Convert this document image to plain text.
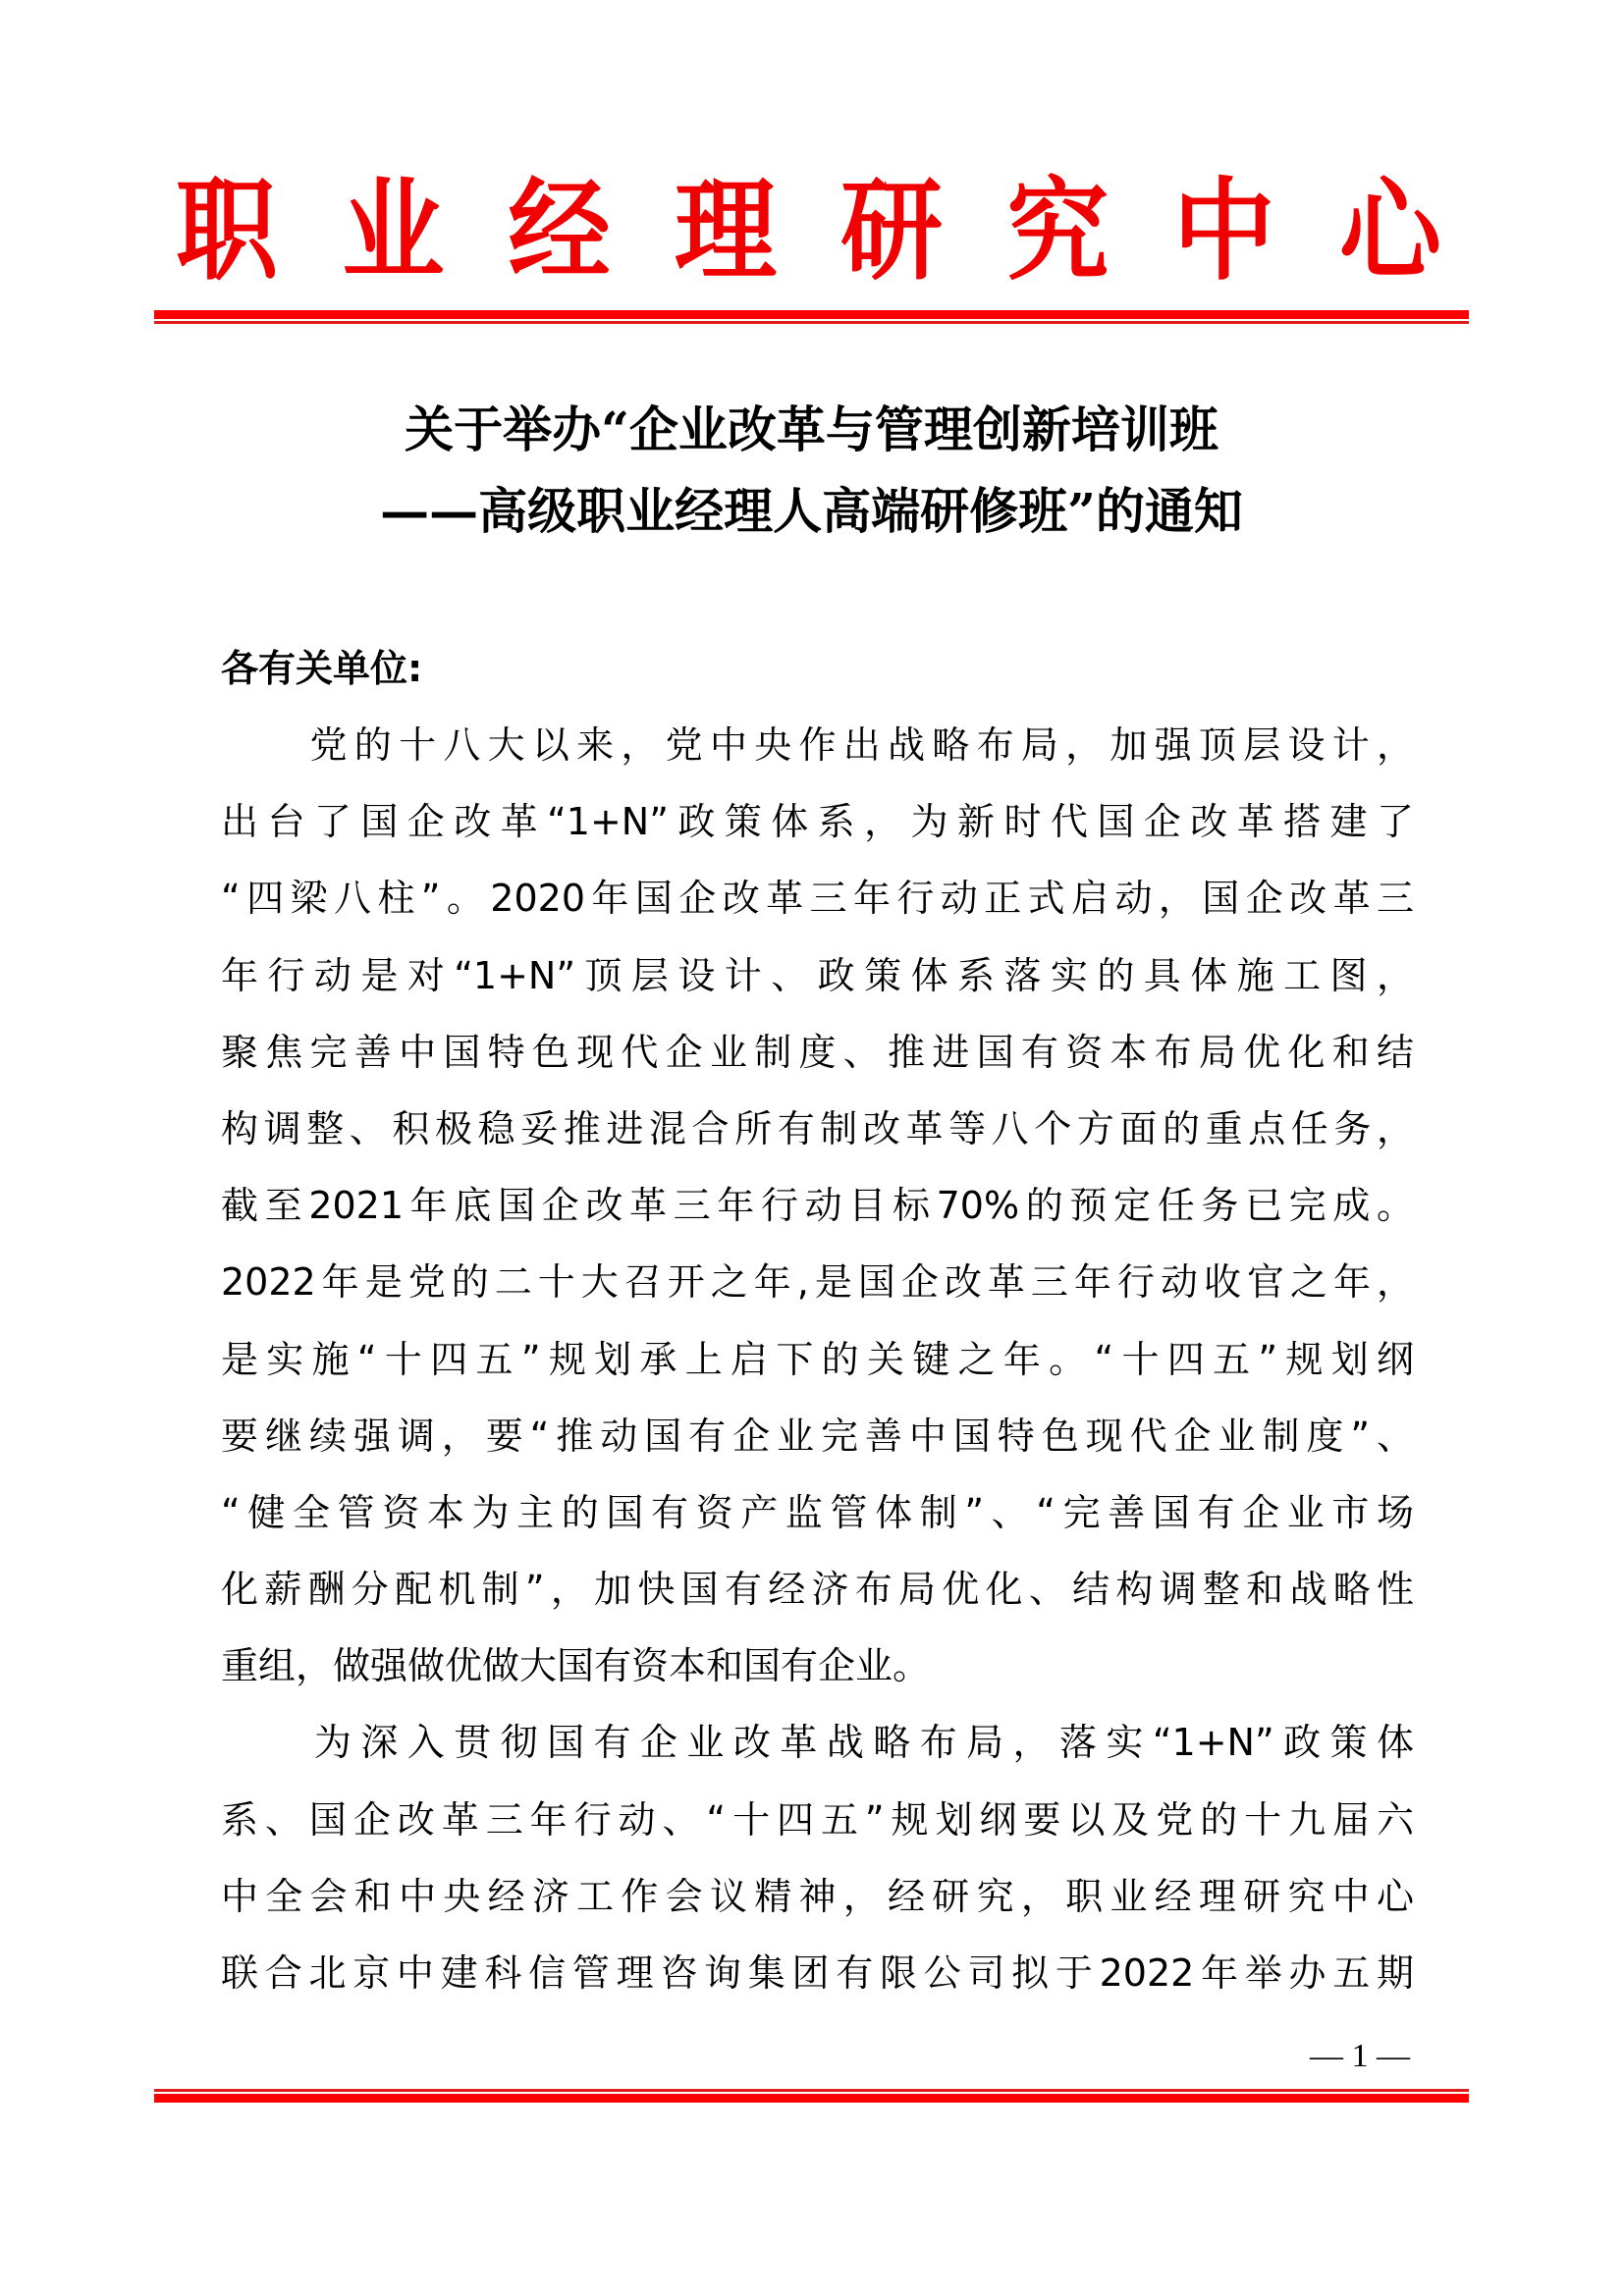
职 业 经 理 研 究 中 心
关于举办“企业改革与管理创新培训班
——高级职业经理人高端研修班”的通知
各有关单位:
　　党的十八大以来，党中央作出战略布局，加强顶层设计，
出台了国企改革“1+N”政策体系，为新时代国企改革搭建了
“四梁八柱”。2020年国企改革三年行动正式启动，国企改革三
年行动是对“1+N”顶层设计、政策体系落实的具体施工图，
聚焦完善中国特色现代企业制度、推进国有资本布局优化和结
构调整、积极稳妥推进混合所有制改革等八个方面的重点任务，
截至2021年底国企改革三年行动目标70%的预定任务已完成。
2022年是党的二十大召开之年,是国企改革三年行动收官之年，
是实施“十四五”规划承上启下的关键之年。“十四五”规划纲
要继续强调，要“推动国有企业完善中国特色现代企业制度”、
“健全管资本为主的国有资产监管体制”、“完善国有企业市场
化薪酬分配机制”，加快国有经济布局优化、结构调整和战略性
重组，做强做优做大国有资本和国有企业。
　　为深入贯彻国有企业改革战略布局，落实“1+N”政策体
系、国企改革三年行动、“十四五”规划纲要以及党的十九届六
中全会和中央经济工作会议精神，经研究，职业经理研究中心
联合北京中建科信管理咨询集团有限公司拟于2022年举办五期
— 1 —
